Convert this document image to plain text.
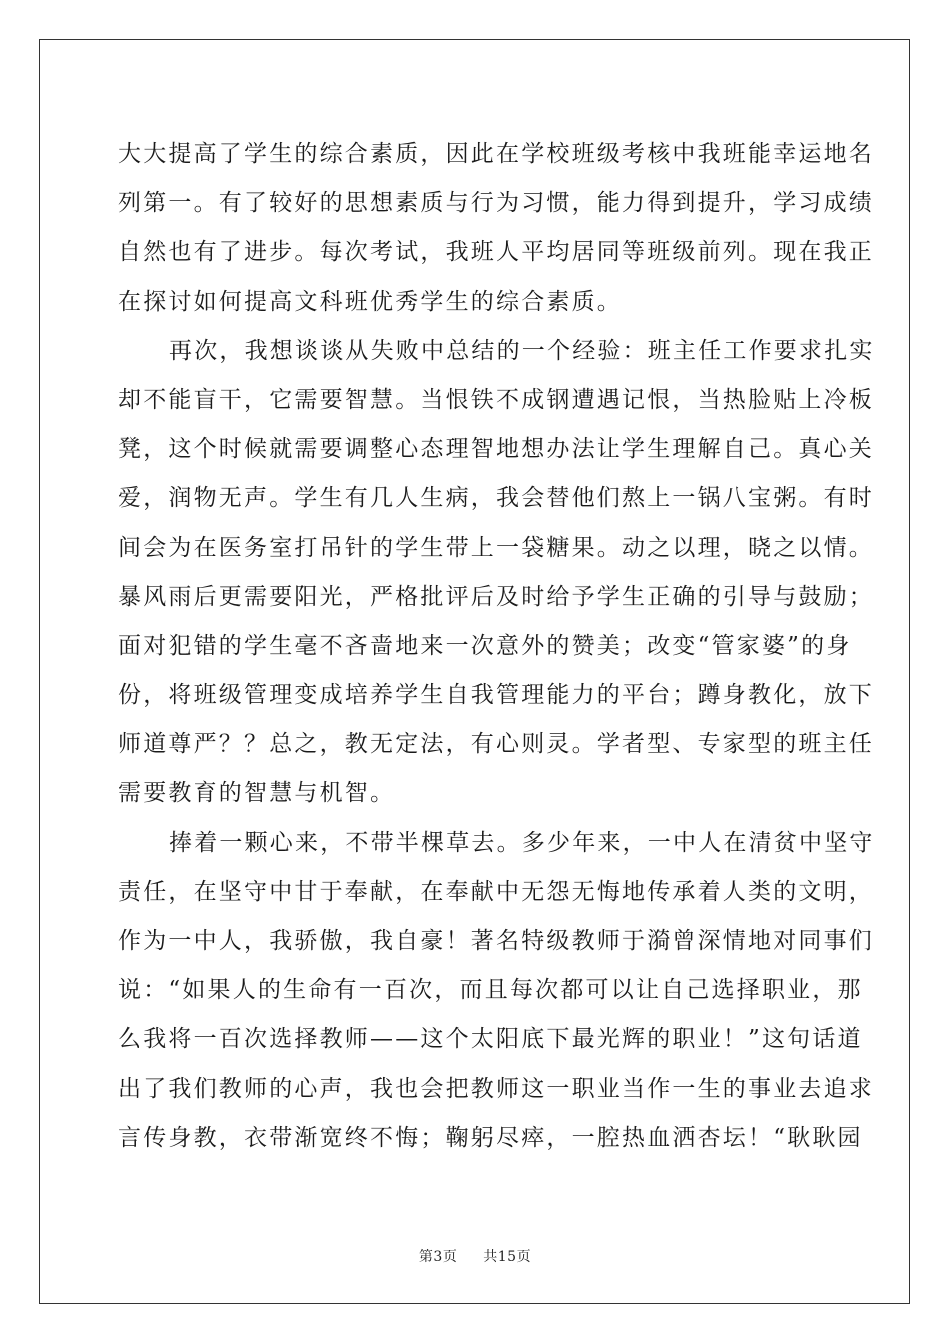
大大提高了学生的综合素质，因此在学校班级考核中我班能幸运地名
列第一。有了较好的思想素质与行为习惯，能力得到提升，学习成绩
自然也有了进步。每次考试，我班人平均居同等班级前列。现在我正
在探讨如何提高文科班优秀学生的综合素质。
再次，我想谈谈从失败中总结的一个经验：班主任工作要求扎实
却不能盲干，它需要智慧。当恨铁不成钢遭遇记恨，当热脸贴上冷板
凳，这个时候就需要调整心态理智地想办法让学生理解自己。真心关
爱，润物无声。学生有几人生病，我会替他们熬上一锅八宝粥。有时
间会为在医务室打吊针的学生带上一袋糖果。动之以理，晓之以情。
暴风雨后更需要阳光，严格批评后及时给予学生正确的引导与鼓励；
面对犯错的学生毫不吝啬地来一次意外的赞美；改变“管家婆”的身
份，将班级管理变成培养学生自我管理能力的平台；蹲身教化，放下
师道尊严？？总之，教无定法，有心则灵。学者型、专家型的班主任
需要教育的智慧与机智。
捧着一颗心来，不带半棵草去。多少年来，一中人在清贫中坚守
责任，在坚守中甘于奉献，在奉献中无怨无悔地传承着人类的文明，
作为一中人，我骄傲，我自豪！著名特级教师于漪曾深情地对同事们
说：“如果人的生命有一百次，而且每次都可以让自己选择职业，那
么我将一百次选择教师——这个太阳底下最光辉的职业！”这句话道
出了我们教师的心声，我也会把教师这一职业当作一生的事业去追求
言传身教，衣带渐宽终不悔；鞠躬尽瘁，一腔热血洒杏坛！“耿耿园
第3页 共15页
